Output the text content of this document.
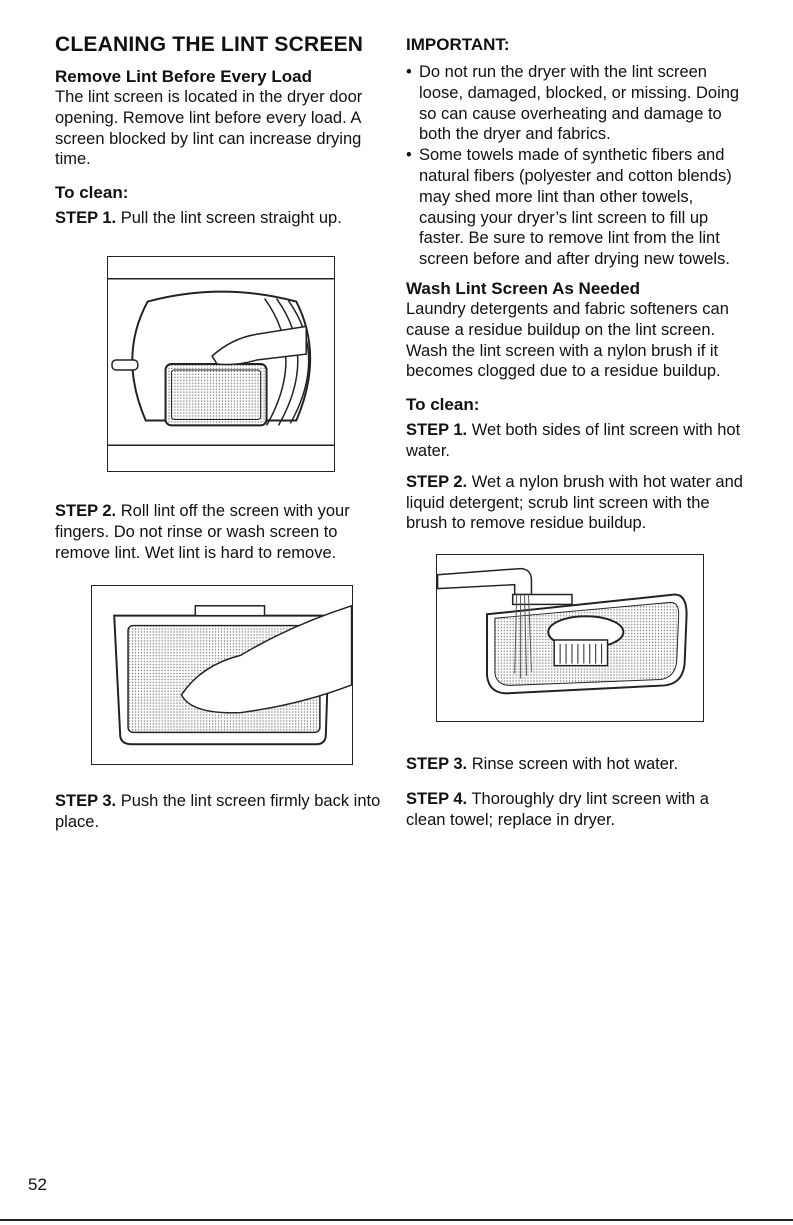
CLEANING THE LINT SCREEN
Remove Lint Before Every Load

The lint screen is located in the dryer door opening. Remove lint before every load. A screen blocked by lint can increase drying time.

To clean:

STEP 1. Pull the lint screen straight up.

STEP 2. Roll lint off the screen with your fingers. Do not rinse or wash screen to remove lint. Wet lint is hard to remove.

STEP 3. Push the lint screen firmly back into place.

IMPORTANT:
• Do not run the dryer with the lint screen loose, damaged, blocked, or missing. Doing so can cause overheating and damage to both the dryer and fabrics.
• Some towels made of synthetic fibers and natural fibers (polyester and cotton blends) may shed more lint than other towels, causing your dryer’s lint screen to fill up faster. Be sure to remove lint from the lint screen before and after drying new towels.
Wash Lint Screen As Needed

Laundry detergents and fabric softeners can cause a residue buildup on the lint screen. Wash the lint screen with a nylon brush if it becomes clogged due to a residue buildup.

To clean:

STEP 1. Wet both sides of lint screen with hot water.

STEP 2. Wet a nylon brush with hot water and liquid detergent; scrub lint screen with the brush to remove residue buildup.

STEP 3. Rinse screen with hot water.

STEP 4. Thoroughly dry lint screen with a clean towel; replace in dryer.

52
